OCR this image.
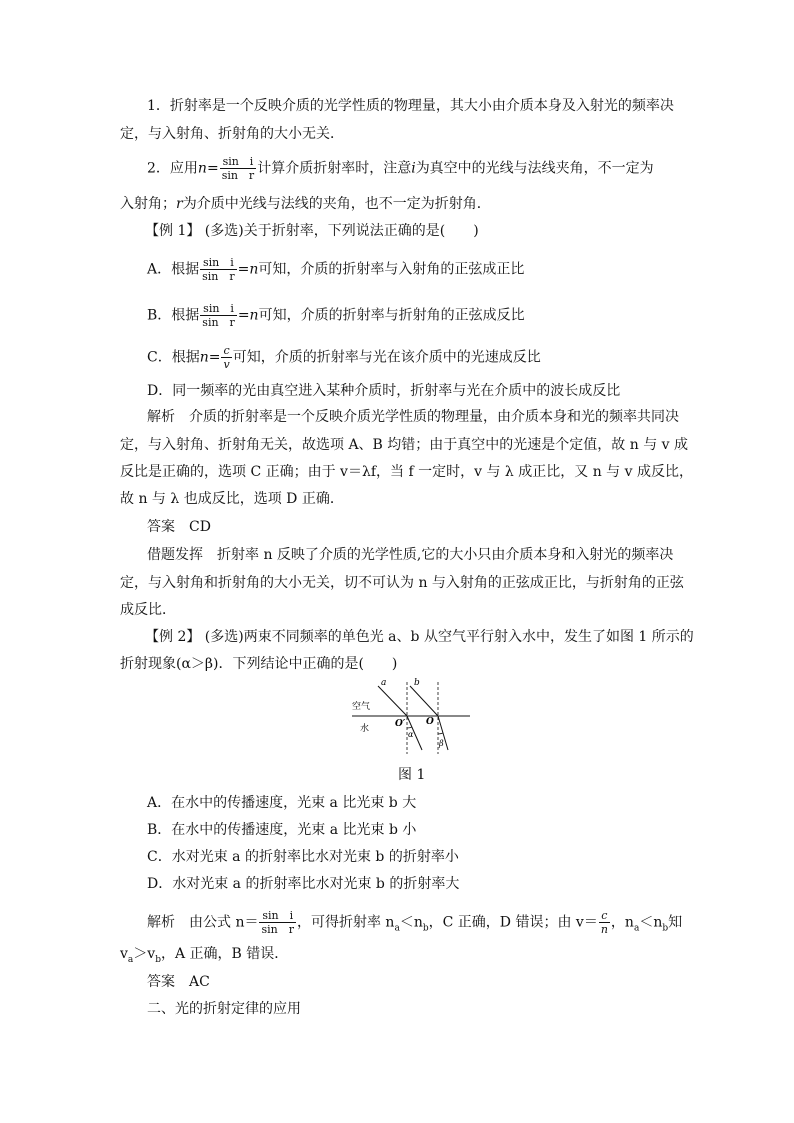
1．折射率是一个反映介质的光学性质的物理量，其大小由介质本身及入射光的频率决
定，与入射角、折射角的大小无关．
2．应用$n= \frac{\text{sin　i}}{\text{sin　r}}$ 计算介质折射率时，注意i为真空中的光线与法线夹角，不一定为
入射角；r为介质中光线与法线的夹角，也不一定为折射角．
【例 1】 (多选)关于折射率，下列说法正确的是(　　)
A．根据 $\frac{\text{sin　i}}{\text{sin　r}} =n$可知，介质的折射率与入射角的正弦成正比
B．根据 $\frac{\text{sin　i}}{\text{sin　r}} =n$可知，介质的折射率与折射角的正弦成反比
C．根据$n= \frac{c}{v}$ 可知，介质的折射率与光在该介质中的光速成反比
D．同一频率的光由真空进入某种介质时，折射率与光在介质中的波长成反比
解析　介质的折射率是一个反映介质光学性质的物理量，由介质本身和光的频率共同决
定，与入射角、折射角无关，故选项 A、B 均错；由于真空中的光速是个定值，故 n 与 v 成
反比是正确的，选项 C 正确；由于 v＝λf，当 f 一定时，v 与 λ 成正比，又 n 与 v 成反比，
故 n 与 λ 也成反比，选项 D 正确．
答案　CD
借题发挥　折射率 n 反映了介质的光学性质,它的大小只由介质本身和入射光的频率决
定，与入射角和折射角的大小无关，切不可认为 n 与入射角的正弦成正比，与折射角的正弦
成反比．
【例 2】 (多选)两束不同频率的单色光 a、b 从空气平行射入水中，发生了如图 1 所示的
折射现象(α＞β)．下列结论中正确的是(　　)
空气
水
a	b
O′ O
α
β
图 1
A．在水中的传播速度，光束 a 比光束 b 大
B．在水中的传播速度，光束 a 比光束 b 小
C．水对光束 a 的折射率比水对光束 b 的折射率小
D．水对光束 a 的折射率比水对光束 b 的折射率大
解析　由公式 $n= \frac{\text{sin　i}}{\text{sin　r}}$ ，可得折射率 $n_a<n_b$，C 正确，D 错误；由 $v= \frac{c}{n}$ ，$n_a<n_b$知
$v_a>v_b$，A 正确，B 错误．
答案　AC
二、光的折射定律的应用
